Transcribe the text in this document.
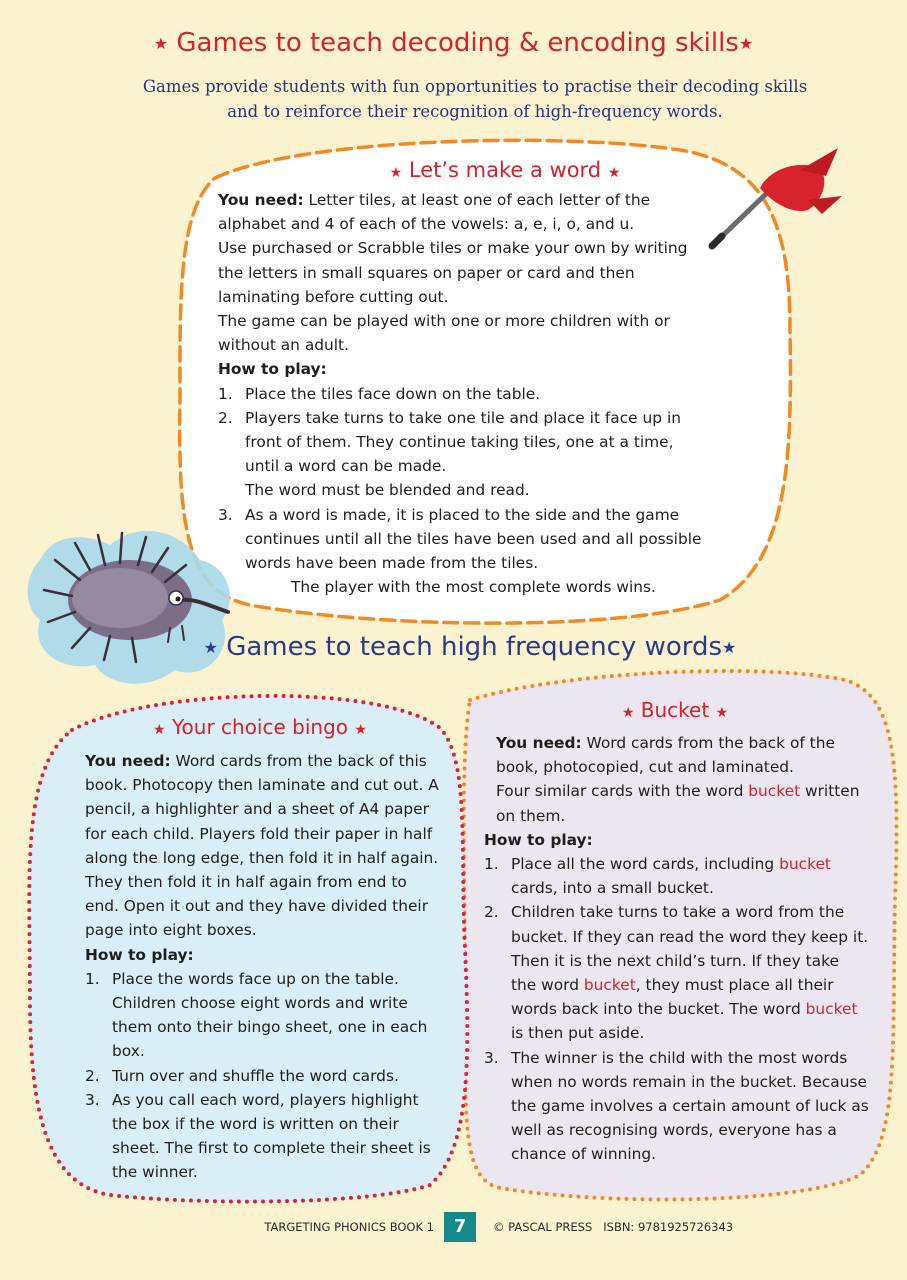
★ Games to teach decoding & encoding skills★
Games provide students with fun opportunities to practise their decoding skills and to reinforce their recognition of high-frequency words.
★ Let’s make a word ★
You need: Letter tiles, at least one of each letter of the alphabet and 4 of each of the vowels: a, e, i, o, and u.
Use purchased or Scrabble tiles or make your own by writing the letters in small squares on paper or card and then laminating before cutting out.
The game can be played with one or more children with or without an adult.
How to play:
1. Place the tiles face down on the table.
2. Players take turns to take one tile and place it face up in front of them. They continue taking tiles, one at a time, until a word can be made.
The word must be blended and read.
3. As a word is made, it is placed to the side and the game continues until all the tiles have been used and all possible words have been made from the tiles.
The player with the most complete words wins.
★ Games to teach high frequency words★
★ Your choice bingo ★
You need: Word cards from the back of this book. Photocopy then laminate and cut out. A pencil, a highlighter and a sheet of A4 paper for each child. Players fold their paper in half along the long edge, then fold it in half again. They then fold it in half again from end to end. Open it out and they have divided their page into eight boxes.
How to play:
1. Place the words face up on the table. Children choose eight words and write them onto their bingo sheet, one in each box.
2. Turn over and shuffle the word cards.
3. As you call each word, players highlight the box if the word is written on their sheet. The first to complete their sheet is the winner.
★ Bucket ★
You need: Word cards from the back of the book, photocopied, cut and laminated.
Four similar cards with the word bucket written on them.
How to play:
1. Place all the word cards, including bucket cards, into a small bucket.
2. Children take turns to take a word from the bucket. If they can read the word they keep it. Then it is the next child’s turn. If they take the word bucket, they must place all their words back into the bucket. The word bucket is then put aside.
3. The winner is the child with the most words when no words remain in the bucket. Because the game involves a certain amount of luck as well as recognising words, everyone has a chance of winning.
TARGETING PHONICS BOOK 1	7	© PASCAL PRESS ISBN: 9781925726343
